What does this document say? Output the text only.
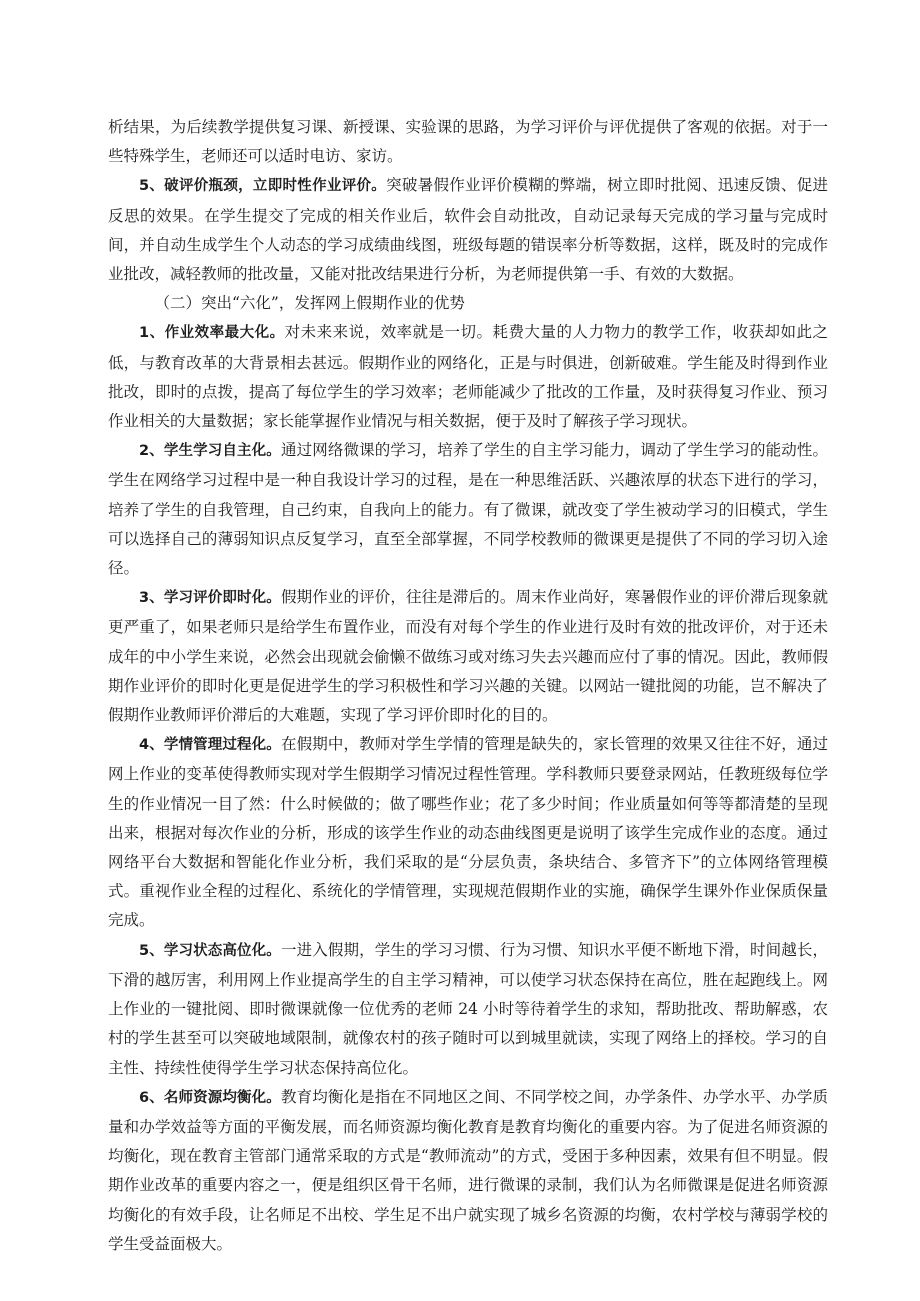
析结果，为后续教学提供复习课、新授课、实验课的思路，为学习评价与评优提供了客观的依据。对于一些特殊学生，老师还可以适时电访、家访。

5、破评价瓶颈，立即时性作业评价。突破暑假作业评价模糊的弊端，树立即时批阅、迅速反馈、促进反思的效果。在学生提交了完成的相关作业后，软件会自动批改，自动记录每天完成的学习量与完成时间，并自动生成学生个人动态的学习成绩曲线图，班级每题的错误率分析等数据，这样，既及时的完成作业批改，减轻教师的批改量，又能对批改结果进行分析，为老师提供第一手、有效的大数据。

（二）突出“六化”，发挥网上假期作业的优势

1、作业效率最大化。对未来来说，效率就是一切。耗费大量的人力物力的教学工作，收获却如此之低，与教育改革的大背景相去甚远。假期作业的网络化，正是与时俱进，创新破难。学生能及时得到作业批改，即时的点拨，提高了每位学生的学习效率；老师能减少了批改的工作量，及时获得复习作业、预习作业相关的大量数据；家长能掌握作业情况与相关数据，便于及时了解孩子学习现状。

2、学生学习自主化。通过网络微课的学习，培养了学生的自主学习能力，调动了学生学习的能动性。学生在网络学习过程中是一种自我设计学习的过程，是在一种思维活跃、兴趣浓厚的状态下进行的学习，培养了学生的自我管理，自己约束，自我向上的能力。有了微课，就改变了学生被动学习的旧模式，学生可以选择自己的薄弱知识点反复学习，直至全部掌握，不同学校教师的微课更是提供了不同的学习切入途径。

3、学习评价即时化。假期作业的评价，往往是滞后的。周末作业尚好，寒暑假作业的评价滞后现象就更严重了，如果老师只是给学生布置作业，而没有对每个学生的作业进行及时有效的批改评价，对于还未成年的中小学生来说，必然会出现就会偷懒不做练习或对练习失去兴趣而应付了事的情况。因此，教师假期作业评价的即时化更是促进学生的学习积极性和学习兴趣的关键。以网站一键批阅的功能，岂不解决了假期作业教师评价滞后的大难题，实现了学习评价即时化的目的。

4、学情管理过程化。在假期中，教师对学生学情的管理是缺失的，家长管理的效果又往往不好，通过网上作业的变革使得教师实现对学生假期学习情况过程性管理。学科教师只要登录网站，任教班级每位学生的作业情况一目了然：什么时候做的；做了哪些作业；花了多少时间；作业质量如何等等都清楚的呈现出来，根据对每次作业的分析，形成的该学生作业的动态曲线图更是说明了该学生完成作业的态度。通过网络平台大数据和智能化作业分析，我们采取的是“分层负责，条块结合、多管齐下”的立体网络管理模式。重视作业全程的过程化、系统化的学情管理，实现规范假期作业的实施，确保学生课外作业保质保量完成。

5、学习状态高位化。一进入假期，学生的学习习惯、行为习惯、知识水平便不断地下滑，时间越长，下滑的越厉害，利用网上作业提高学生的自主学习精神，可以使学习状态保持在高位，胜在起跑线上。网上作业的一键批阅、即时微课就像一位优秀的老师 24 小时等待着学生的求知，帮助批改、帮助解惑，农村的学生甚至可以突破地域限制，就像农村的孩子随时可以到城里就读，实现了网络上的择校。学习的自主性、持续性使得学生学习状态保持高位化。

6、名师资源均衡化。教育均衡化是指在不同地区之间、不同学校之间，办学条件、办学水平、办学质量和办学效益等方面的平衡发展，而名师资源均衡化教育是教育均衡化的重要内容。为了促进名师资源的均衡化，现在教育主管部门通常采取的方式是“教师流动”的方式，受困于多种因素，效果有但不明显。假期作业改革的重要内容之一，便是组织区骨干名师，进行微课的录制，我们认为名师微课是促进名师资源均衡化的有效手段，让名师足不出校、学生足不出户就实现了城乡名资源的均衡，农村学校与薄弱学校的学生受益面极大。
